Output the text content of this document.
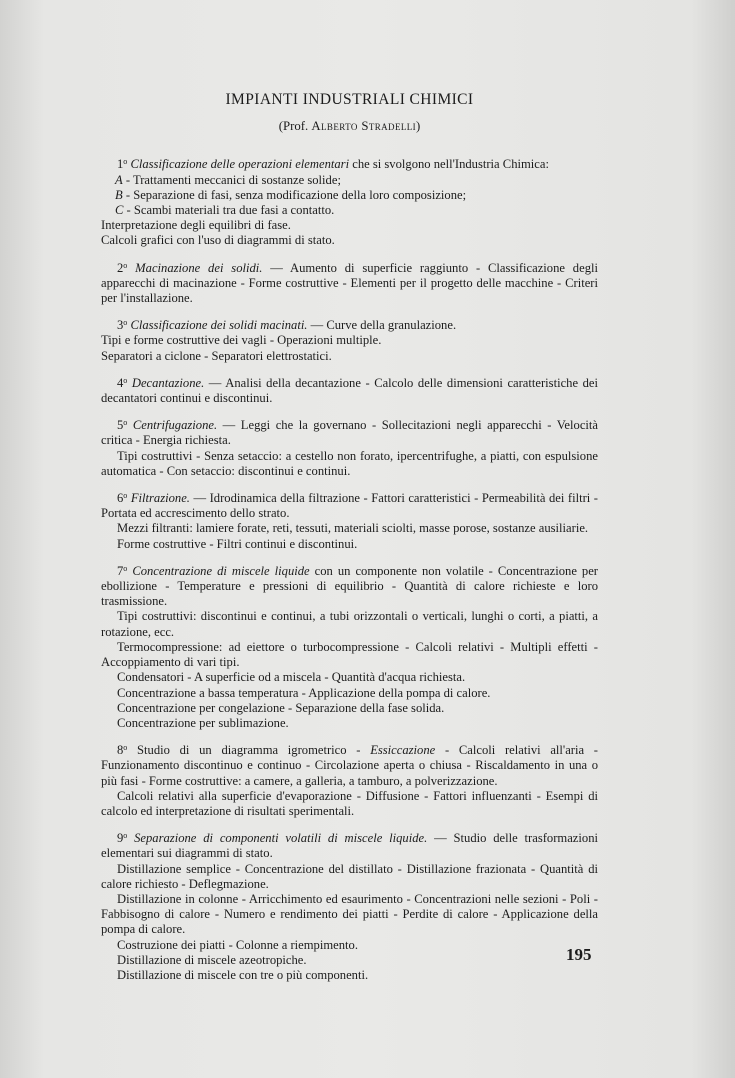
IMPIANTI INDUSTRIALI CHIMICI
(Prof. Alberto Stradelli)

1$^o$ Classificazione delle operazioni elementari che si svolgono nell'Industria Chimica:

A - Trattamenti meccanici di sostanze solide;

B - Separazione di fasi, senza modificazione della loro composizione;

C - Scambi materiali tra due fasi a contatto.

Interpretazione degli equilibri di fase.

Calcoli grafici con l'uso di diagrammi di stato.

2$^o$ Macinazione dei solidi. — Aumento di superficie raggiunto - Classificazione degli apparecchi di macinazione - Forme costruttive - Elementi per il progetto delle macchine - Criteri per l'installazione.

3$^o$ Classificazione dei solidi macinati. — Curve della granulazione.

Tipi e forme costruttive dei vagli - Operazioni multiple.

Separatori a ciclone - Separatori elettrostatici.

4$^o$ Decantazione. — Analisi della decantazione - Calcolo delle dimensioni caratteristiche dei decantatori continui e discontinui.

5$^o$ Centrifugazione. — Leggi che la governano - Sollecitazioni negli apparecchi - Velocità critica - Energia richiesta.

Tipi costruttivi - Senza setaccio: a cestello non forato, ipercentrifughe, a piatti, con espulsione automatica - Con setaccio: discontinui e continui.

6$^o$ Filtrazione. — Idrodinamica della filtrazione - Fattori caratteristici - Permeabilità dei filtri - Portata ed accrescimento dello strato.

Mezzi filtranti: lamiere forate, reti, tessuti, materiali sciolti, masse porose, sostanze ausiliarie.

Forme costruttive - Filtri continui e discontinui.

7$^o$ Concentrazione di miscele liquide con un componente non volatile - Concentrazione per ebollizione - Temperature e pressioni di equilibrio - Quantità di calore richieste e loro trasmissione.

Tipi costruttivi: discontinui e continui, a tubi orizzontali o verticali, lunghi o corti, a piatti, a rotazione, ecc.

Termocompressione: ad eiettore o turbocompressione - Calcoli relativi - Multipli effetti - Accoppiamento di vari tipi.

Condensatori - A superficie od a miscela - Quantità d'acqua richiesta.

Concentrazione a bassa temperatura - Applicazione della pompa di calore.

Concentrazione per congelazione - Separazione della fase solida.

Concentrazione per sublimazione.

8$^o$ Studio di un diagramma igrometrico - Essiccazione - Calcoli relativi all'aria - Funzionamento discontinuo e continuo - Circolazione aperta o chiusa - Riscaldamento in una o più fasi - Forme costruttive: a camere, a galleria, a tamburo, a polverizzazione.

Calcoli relativi alla superficie d'evaporazione - Diffusione - Fattori influenzanti - Esempi di calcolo ed interpretazione di risultati sperimentali.

9$^o$ Separazione di componenti volatili di miscele liquide. — Studio delle trasformazioni elementari sui diagrammi di stato.

Distillazione semplice - Concentrazione del distillato - Distillazione frazionata - Quantità di calore richiesto - Deflegmazione.

Distillazione in colonne - Arricchimento ed esaurimento - Concentrazioni nelle sezioni - Poli - Fabbisogno di calore - Numero e rendimento dei piatti - Perdite di calore - Applicazione della pompa di calore.

Costruzione dei piatti - Colonne a riempimento.

Distillazione di miscele azeotropiche.

Distillazione di miscele con tre o più componenti.

195
